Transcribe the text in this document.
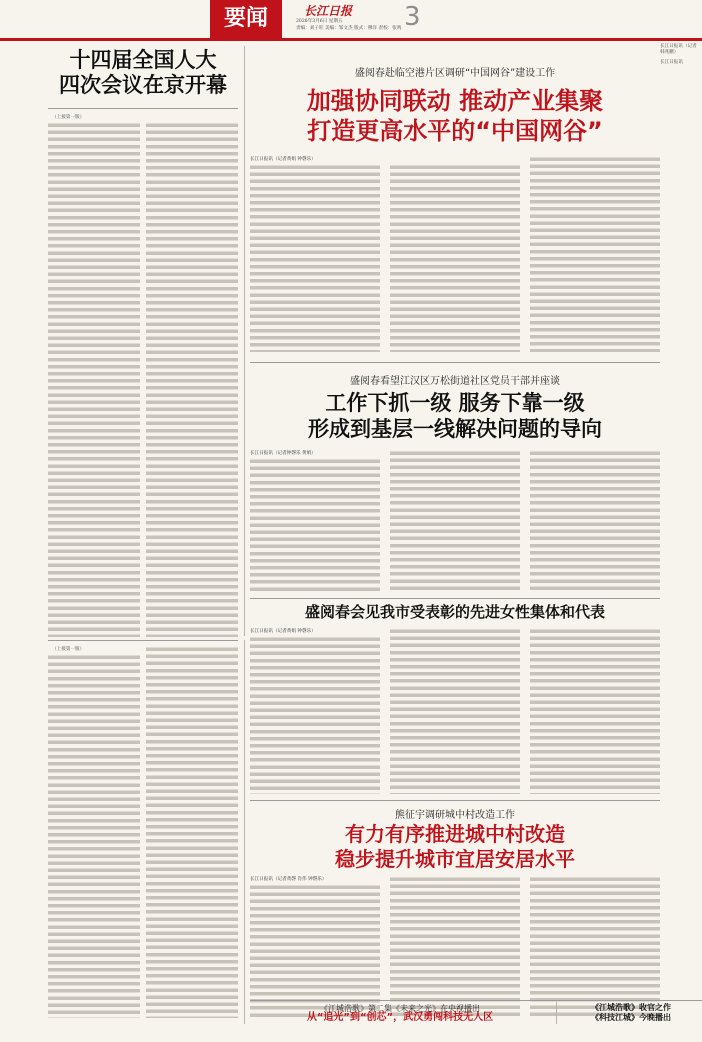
长江日报
2026年3月6日 星期五
责编：刘子旺 美编：邹文杰 版式：穆洋 责校：张鸣
要闻	3
十四届全国人大
四次会议在京开幕
（上接第一版）
盛阅春赴临空港片区调研“中国网谷”建设工作
加强协同联动 推动产业集聚
打造更高水平的“中国网谷”
长江日报讯（记者黄娟 钟磬乐）
盛阅春看望江汉区万松街道社区党员干部并座谈
工作下抓一级 服务下靠一级
形成到基层一线解决问题的导向
长江日报讯（记者钟磬乐 黄娟）
盛阅春会见我市受表彰的先进女性集体和代表
长江日报讯（记者黄娟 钟磬乐）
熊征宇调研城中村改造工作
有力有序推进城中村改造
稳步提升城市宜居安居水平
长江日报讯（记者黄磬 肖伟 钟磬乐）
（上接第一版）
《江城浩歌》第二集《未来之光》在央视播出
从“追光”到“创芯”，武汉勇闯科技无人区
《江城浩歌》收官之作
《科技江城》今晚播出
长江日报讯（记者韩兆鹏）
长江日报讯
